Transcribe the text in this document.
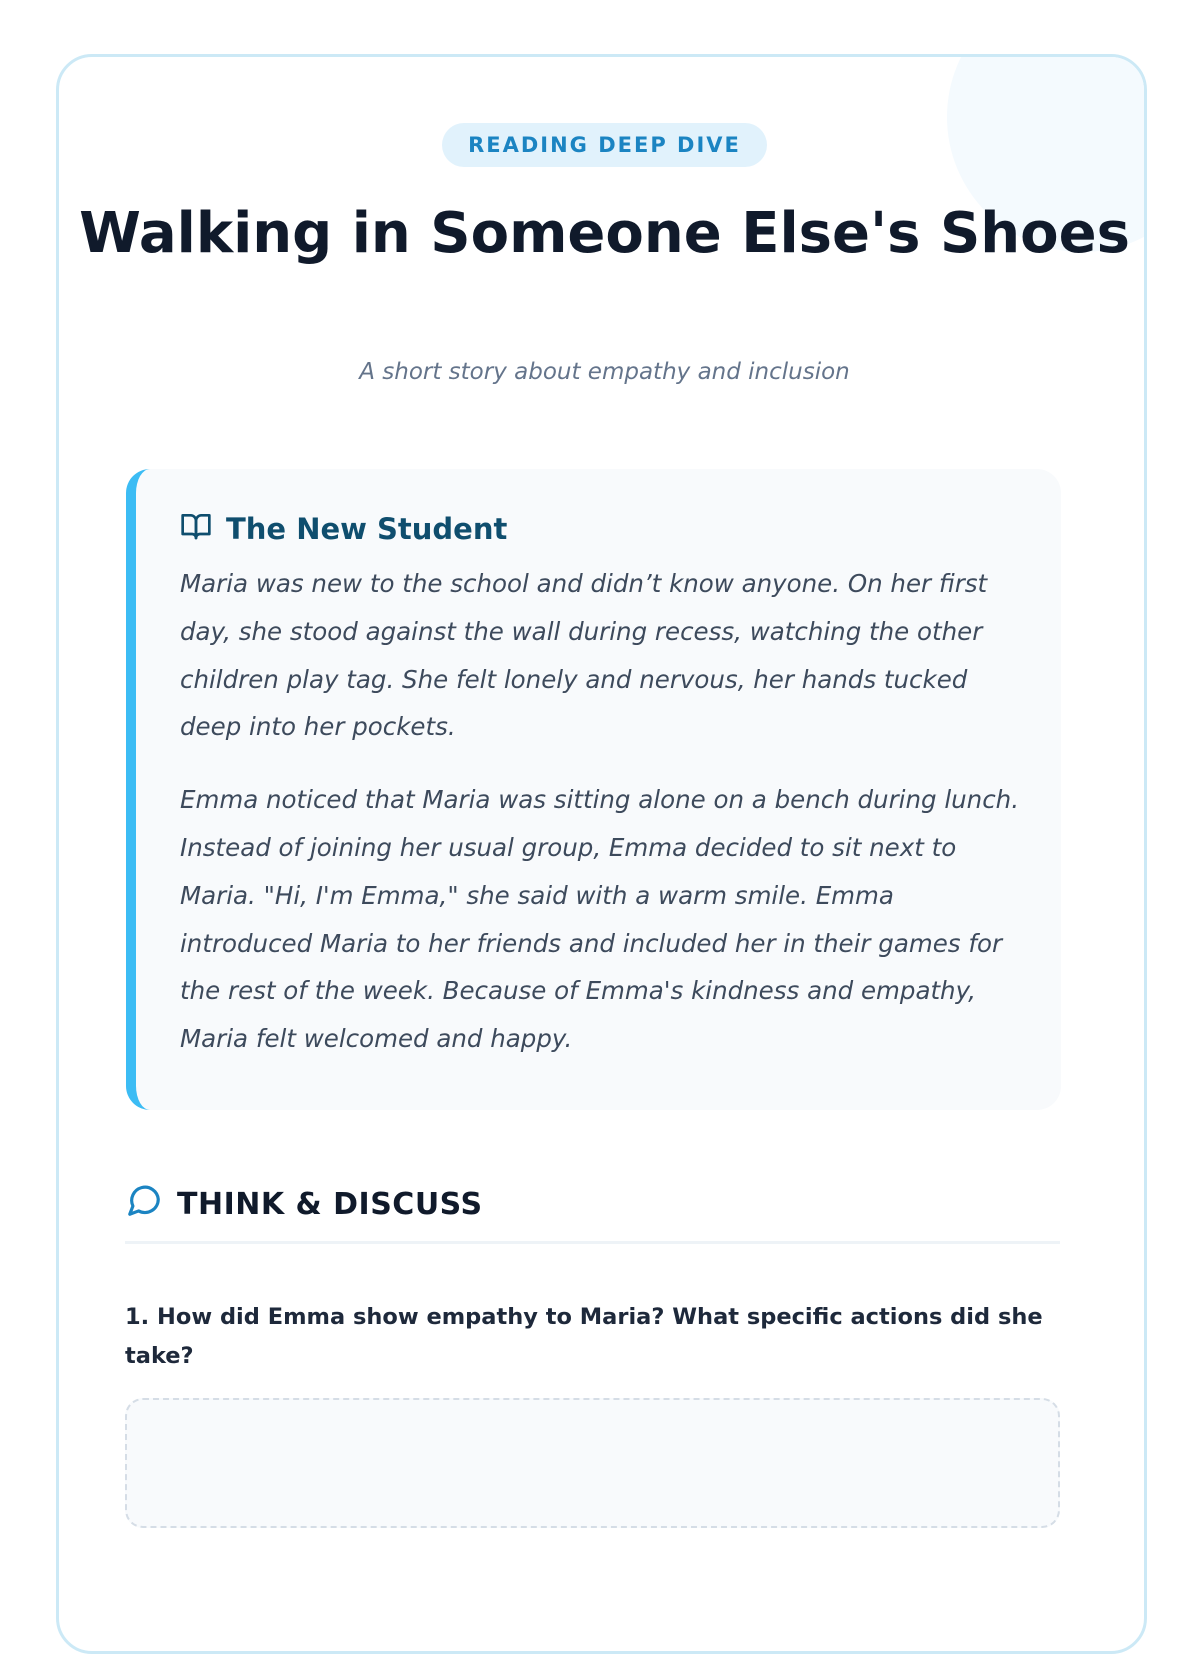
READING DEEP DIVE
Walking in Someone Else's Shoes
A short story about empathy and inclusion
The New Student

Maria was new to the school and didn’t know anyone. On her first day, she stood against the wall during recess, watching the other children play tag. She felt lonely and nervous, her hands tucked deep into her pockets.

Emma noticed that Maria was sitting alone on a bench during lunch. Instead of joining her usual group, Emma decided to sit next to Maria. "Hi, I'm Emma," she said with a warm smile. Emma introduced Maria to her friends and included her in their games for the rest of the week. Because of Emma's kindness and empathy, Maria felt welcomed and happy.

THINK & DISCUSS
1. How did Emma show empathy to Maria? What specific actions did she take?
